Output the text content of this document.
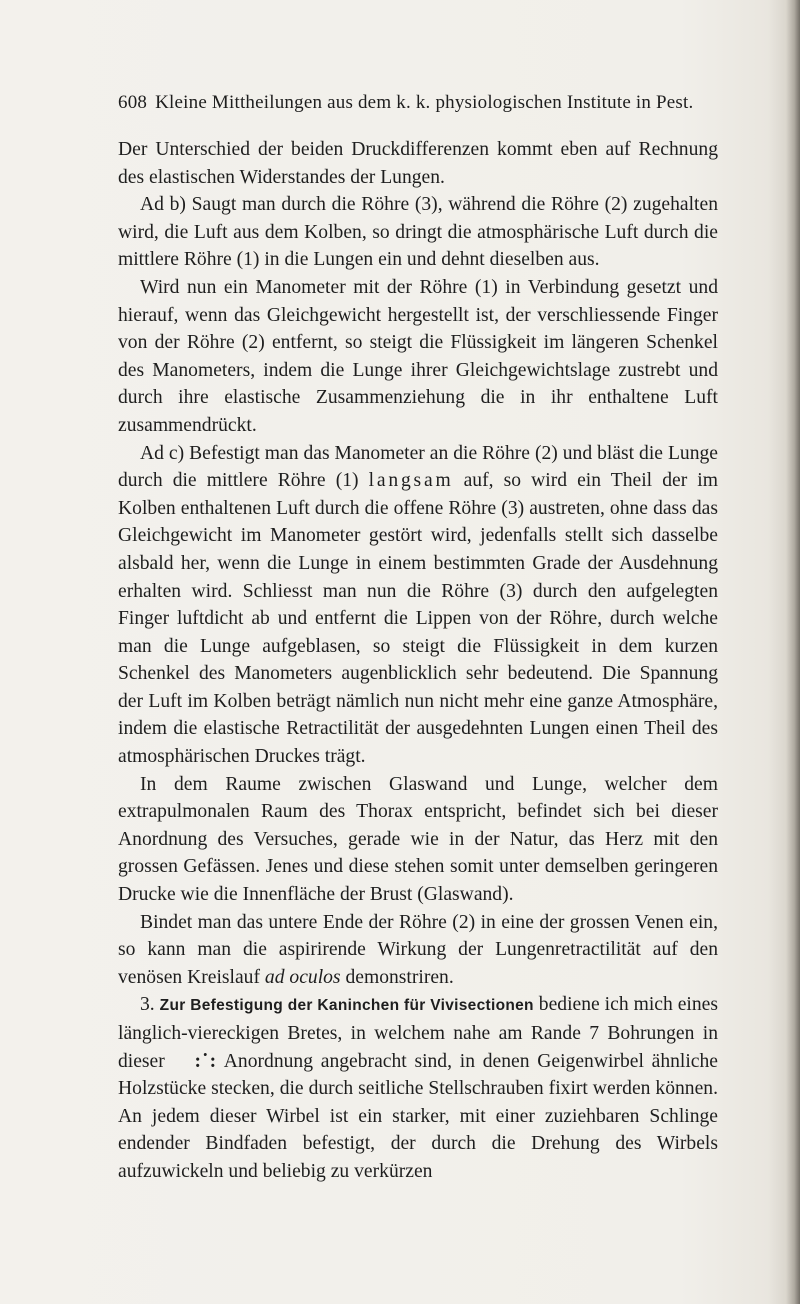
608 Kleine Mittheilungen aus dem k. k. physiologischen Institute in Pest.

Der Unterschied der beiden Druckdifferenzen kommt eben auf Rechnung des elastischen Widerstandes der Lungen.

Ad b) Saugt man durch die Röhre (3), während die Röhre (2) zugehalten wird, die Luft aus dem Kolben, so dringt die atmosphärische Luft durch die mittlere Röhre (1) in die Lungen ein und dehnt dieselben aus.

Wird nun ein Manometer mit der Röhre (1) in Verbindung gesetzt und hierauf, wenn das Gleichgewicht hergestellt ist, der verschliessende Finger von der Röhre (2) entfernt, so steigt die Flüssigkeit im längeren Schenkel des Manometers, indem die Lunge ihrer Gleichgewichtslage zustrebt und durch ihre elastische Zusammenziehung die in ihr enthaltene Luft zusammendrückt.

Ad c) Befestigt man das Manometer an die Röhre (2) und bläst die Lunge durch die mittlere Röhre (1) langsam auf, so wird ein Theil der im Kolben enthaltenen Luft durch die offene Röhre (3) austreten, ohne dass das Gleichgewicht im Manometer gestört wird, jedenfalls stellt sich dasselbe alsbald her, wenn die Lunge in einem bestimmten Grade der Ausdehnung erhalten wird. Schliesst man nun die Röhre (3) durch den aufgelegten Finger luftdicht ab und entfernt die Lippen von der Röhre, durch welche man die Lunge aufgeblasen, so steigt die Flüssigkeit in dem kurzen Schenkel des Manometers augenblicklich sehr bedeutend. Die Spannung der Luft im Kolben beträgt nämlich nun nicht mehr eine ganze Atmosphäre, indem die elastische Retractilität der ausgedehnten Lungen einen Theil des atmosphärischen Druckes trägt.

In dem Raume zwischen Glaswand und Lunge, welcher dem extrapulmonalen Raum des Thorax entspricht, befindet sich bei dieser Anordnung des Versuches, gerade wie in der Natur, das Herz mit den grossen Gefässen. Jenes und diese stehen somit unter demselben geringeren Drucke wie die Innenfläche der Brust (Glaswand).

Bindet man das untere Ende der Röhre (2) in eine der grossen Venen ein, so kann man die aspirirende Wirkung der Lungenretractilität auf den venösen Kreislauf ad oculos demonstriren.

3. Zur Befestigung der Kaninchen für Vivisectionen bediene ich mich eines länglich-viereckigen Bretes, in welchem nahe am Rande 7 Bohrungen in dieser :˙: Anordnung angebracht sind, in denen Geigenwirbel ähnliche Holzstücke stecken, die durch seitliche Stellschrauben fixirt werden können. An jedem dieser Wirbel ist ein starker, mit einer zuziehbaren Schlinge endender Bindfaden befestigt, der durch die Drehung des Wirbels aufzuwickeln und beliebig zu verkürzen
